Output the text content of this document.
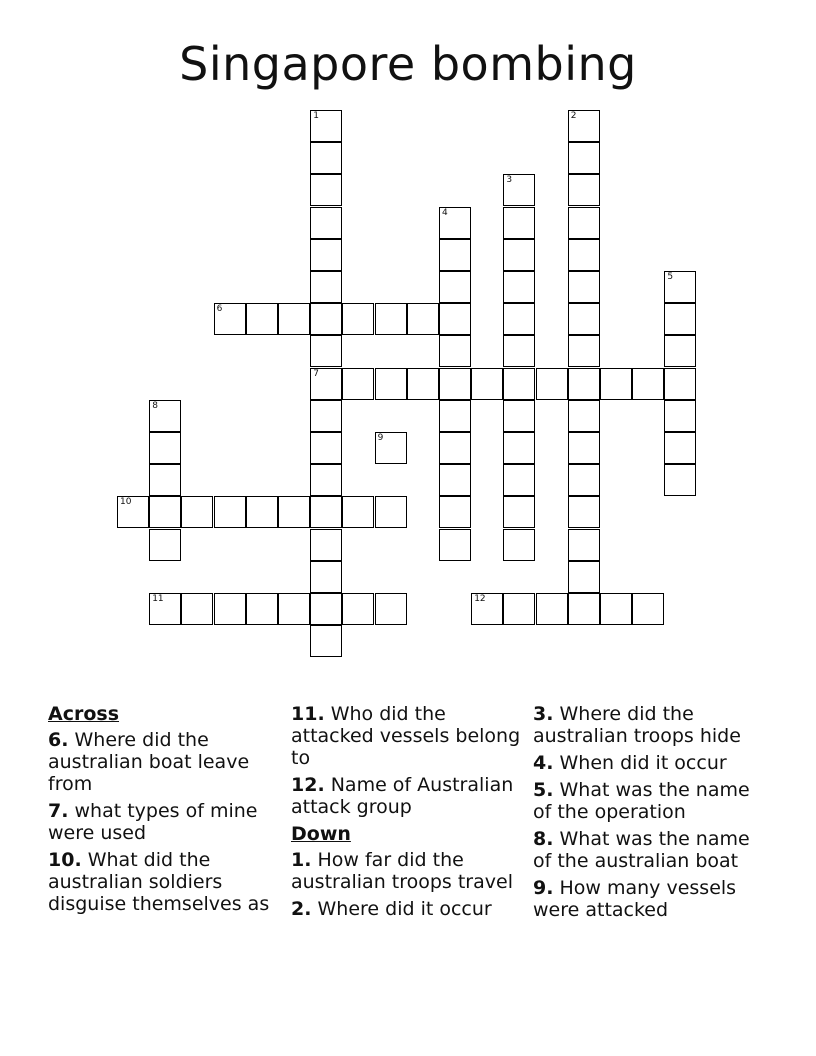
Singapore bombing
6
7
10
11	12
1	2
3
4
5
8
9
Across
6. Where did the australian boat leave from
7. what types of mine were used
10. What did the australian soldiers disguise themselves as
11. Who did the attacked vessels belong to
12. Name of Australian attack group
Down
1. How far did the australian troops travel
2. Where did it occur
3. Where did the australian troops hide
4. When did it occur
5. What was the name of the operation
8. What was the name of the australian boat
9. How many vessels were attacked
